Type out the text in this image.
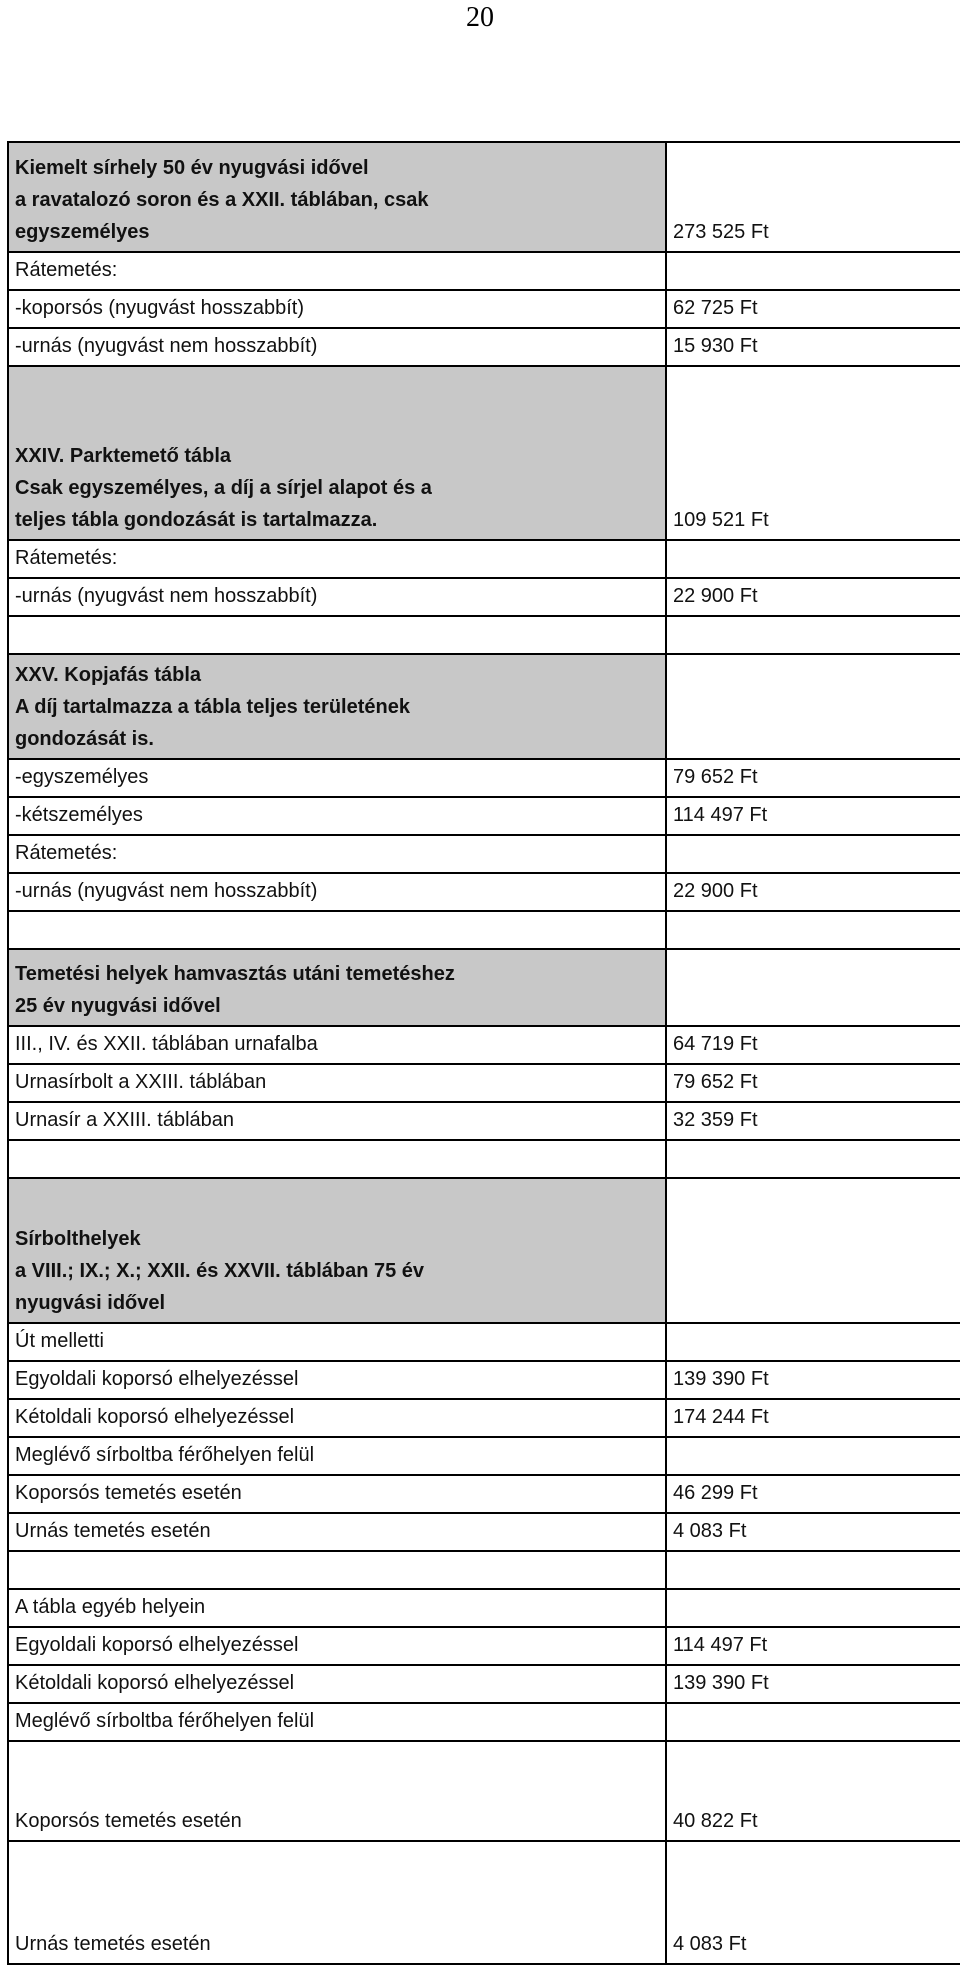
20
Kiemelt sírhely 50 év nyugvási idővel
a ravatalozó soron és a XXII. táblában, csak
egyszemélyes	273 525 Ft

Rátemetés:	

-koporsós (nyugvást hosszabbít)	62 725 Ft

-urnás (nyugvást nem hosszabbít)	15 930 Ft

XXIV. Parktemető tábla
Csak egyszemélyes, a díj a sírjel alapot és a
teljes tábla gondozását is tartalmazza.	109 521 Ft

Rátemetés:	

-urnás (nyugvást nem hosszabbít)	22 900 Ft

XXV. Kopjafás tábla
A díj tartalmazza a tábla teljes területének
gondozását is.	

-egyszemélyes	79 652 Ft

-kétszemélyes	114 497 Ft

Rátemetés:	

-urnás (nyugvást nem hosszabbít)	22 900 Ft

Temetési helyek hamvasztás utáni temetéshez
25 év nyugvási idővel	

III., IV. és XXII. táblában urnafalba	64 719 Ft

Urnasírbolt a XXIII. táblában	79 652 Ft

Urnasír a XXIII. táblában	32 359 Ft

Sírbolthelyek
a VIII.; IX.; X.; XXII. és XXVII. táblában 75 év
nyugvási idővel	

Út melletti	

Egyoldali koporsó elhelyezéssel	139 390 Ft

Kétoldali koporsó elhelyezéssel	174 244 Ft

Meglévő sírboltba férőhelyen felül	

Koporsós temetés esetén	46 299 Ft

Urnás temetés esetén	4 083 Ft

A tábla egyéb helyein	

Egyoldali koporsó elhelyezéssel	114 497 Ft

Kétoldali koporsó elhelyezéssel	139 390 Ft

Meglévő sírboltba férőhelyen felül	

Koporsós temetés esetén	40 822 Ft

Urnás temetés esetén	4 083 Ft
